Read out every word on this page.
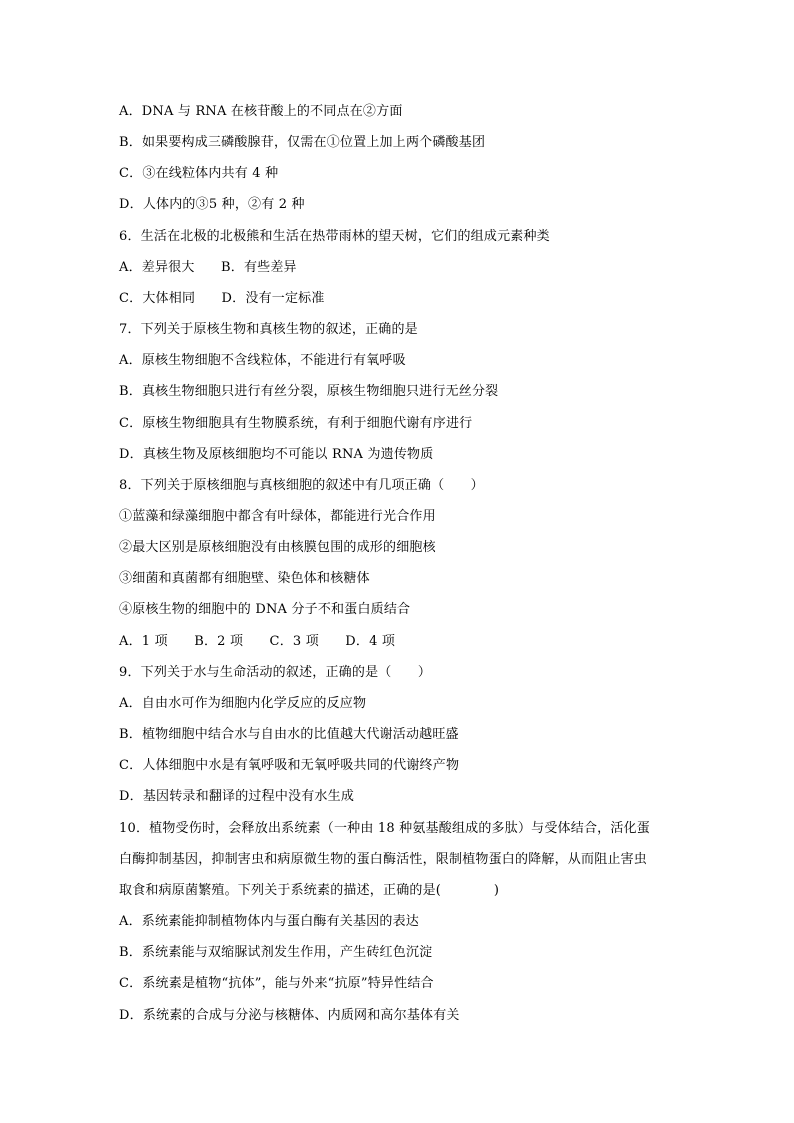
A．DNA 与 RNA 在核苷酸上的不同点在②方面
B．如果要构成三磷酸腺苷，仅需在①位置上加上两个磷酸基团
C．③在线粒体内共有 4 种
D．人体内的③5 种，②有 2 种
6．生活在北极的北极熊和生活在热带雨林的望天树，它们的组成元素种类
A．差异很大　　B．有些差异
C．大体相同　　D．没有一定标准
7．下列关于原核生物和真核生物的叙述，正确的是
A．原核生物细胞不含线粒体，不能进行有氧呼吸
B．真核生物细胞只进行有丝分裂，原核生物细胞只进行无丝分裂
C．原核生物细胞具有生物膜系统，有利于细胞代谢有序进行
D．真核生物及原核细胞均不可能以 RNA 为遗传物质
8．下列关于原核细胞与真核细胞的叙述中有几项正确（　　）
①蓝藻和绿藻细胞中都含有叶绿体，都能进行光合作用
②最大区别是原核细胞没有由核膜包围的成形的细胞核
③细菌和真菌都有细胞壁、染色体和核糖体
④原核生物的细胞中的 DNA 分子不和蛋白质结合
A．1 项　　B．2 项　　C．3 项　　D．4 项
9．下列关于水与生命活动的叙述，正确的是（　　）
A．自由水可作为细胞内化学反应的反应物
B．植物细胞中结合水与自由水的比值越大代谢活动越旺盛
C．人体细胞中水是有氧呼吸和无氧呼吸共同的代谢终产物
D．基因转录和翻译的过程中没有水生成
10．植物受伤时，会释放出系统素（一种由 18 种氨基酸组成的多肽）与受体结合，活化蛋
白酶抑制基因，抑制害虫和病原微生物的蛋白酶活性，限制植物蛋白的降解，从而阻止害虫
取食和病原菌繁殖。下列关于系统素的描述，正确的是(　　　　)
A．系统素能抑制植物体内与蛋白酶有关基因的表达
B．系统素能与双缩脲试剂发生作用，产生砖红色沉淀
C．系统素是植物“抗体”，能与外来“抗原”特异性结合
D．系统素的合成与分泌与核糖体、内质网和高尔基体有关
